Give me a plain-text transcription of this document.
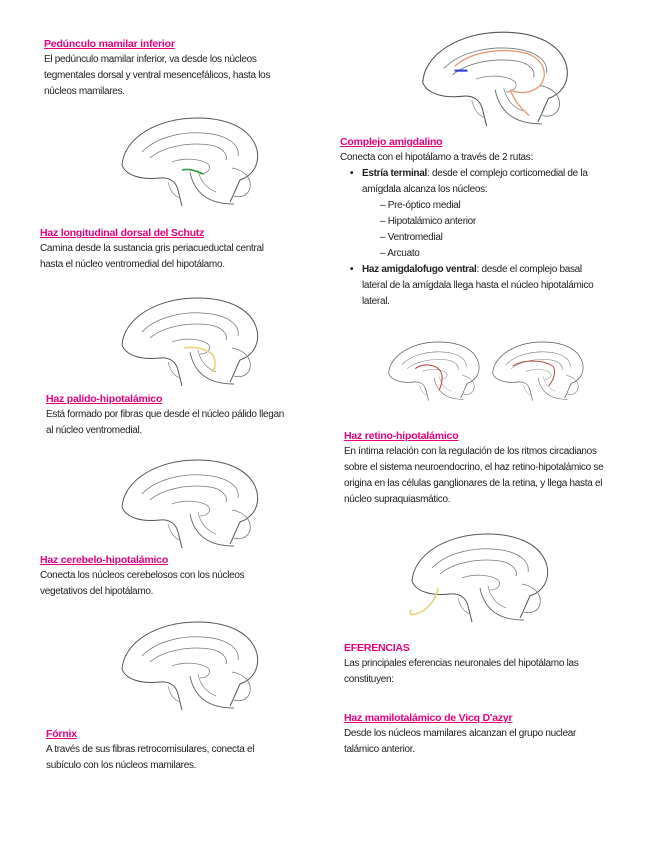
Pedúnculo mamilar inferior

El pedúnculo mamilar inferior, va desde los núcleos tegmentales dorsal y ventral mesencefálicos, hasta los núcleos mamilares.

Haz longitudinal dorsal del Schutz

Camina desde la sustancia gris periacueductal central hasta el núcleo ventromedial del hipotálamo.

Haz palido-hipotalámico

Está formado por fibras que desde el núcleo pálido llegan al núcleo ventromedial.

Haz cerebelo-hipotalámico

Conecta los núcleos cerebelosos con los núcleos vegetativos del hipotálamo.

Fórnix

A través de sus fibras retrocomisulares, conecta el subículo con los núcleos mamilares.

Complejo amigdalino

Conecta con el hipotálamo a través de 2 rutas:

• Estría terminal: desde el complejo corticomedial de la amígdala alcanza los núcleos:
– Pre-óptico medial
– Hipotalámico anterior
– Ventromedial
– Arcuato
• Haz amigdalofugo ventral: desde el complejo basal lateral de la amígdala llega hasta el núcleo hipotalámico lateral.
Haz retino-hipotalámico

En íntima relación con la regulación de los ritmos circadianos sobre el sistema neuroendocrino, el haz retino-hipotalámico se origina en las células ganglionares de la retina, y llega hasta el núcleo supraquiasmático.

EFERENCIAS

Las principales eferencias neuronales del hipotálamo las constituyen:

Haz mamilotalámico de Vicq D'azyr

Desde los núcleos mamilares alcanzan el grupo nuclear talámico anterior.
